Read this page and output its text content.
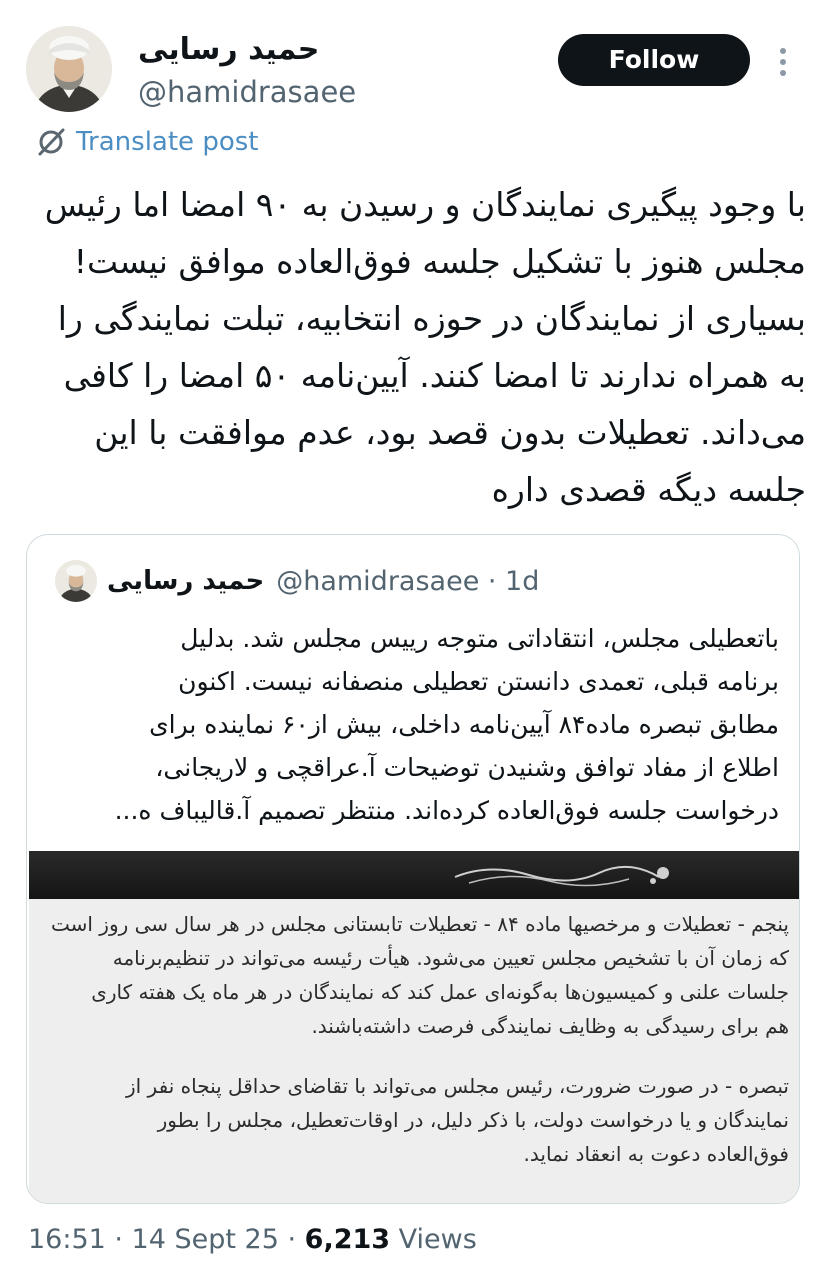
حمید رسایی
@hamidrasaee
Follow
Translate post
با وجود پیگیری نمایندگان و رسیدن به ۹۰ امضا اما رئیس
مجلس هنوز با تشکیل جلسه فوق‌العاده موافق نیست!
بسیاری از نمایندگان در حوزه انتخابیه، تبلت نمایندگی را
به همراه ندارند تا امضا کنند. آیین‌نامه ۵۰ امضا را کافی
می‌داند. تعطیلات بدون قصد بود، عدم موافقت با این
جلسه دیگه قصدی داره
حمید رسایی @hamidrasaee · 1d
باتعطیلی مجلس، انتقاداتی متوجه رییس مجلس شد. بدلیل
برنامه قبلی، تعمدی دانستن تعطیلی منصفانه نیست. اکنون
مطابق تبصره ماده۸۴ آیین‌نامه داخلی، بیش از۶۰ نماینده برای
اطلاع از مفاد توافق وشنیدن توضیحات آ.عراقچی و لاریجانی،
درخواست جلسه فوق‌العاده کرده‌اند. منتظر تصمیم آ.قالیباف ه...
پنجم - تعطیلات و مرخصیها ماده ۸۴ - تعطیلات تابستانی مجلس در هر سال سی روز است
که زمان آن با تشخیص مجلس تعیین می‌شود. هیأت رئیسه می‌تواند در تنظیم‌برنامه
جلسات علنی و کمیسیون‌ها به‌گونه‌ای عمل کند که نمایندگان در هر ماه یک هفته کاری
هم برای رسیدگی به وظایف نمایندگی فرصت داشته‌باشند.
تبصره - در صورت ضرورت، رئیس مجلس می‌تواند با تقاضای حداقل پنجاه نفر از
نمایندگان و یا درخواست دولت، با ذکر دلیل، در اوقات‌تعطیل، مجلس را بطور
فوق‌العاده دعوت به انعقاد نماید.
16:51 · 14 Sept 25 · 6,213 Views
